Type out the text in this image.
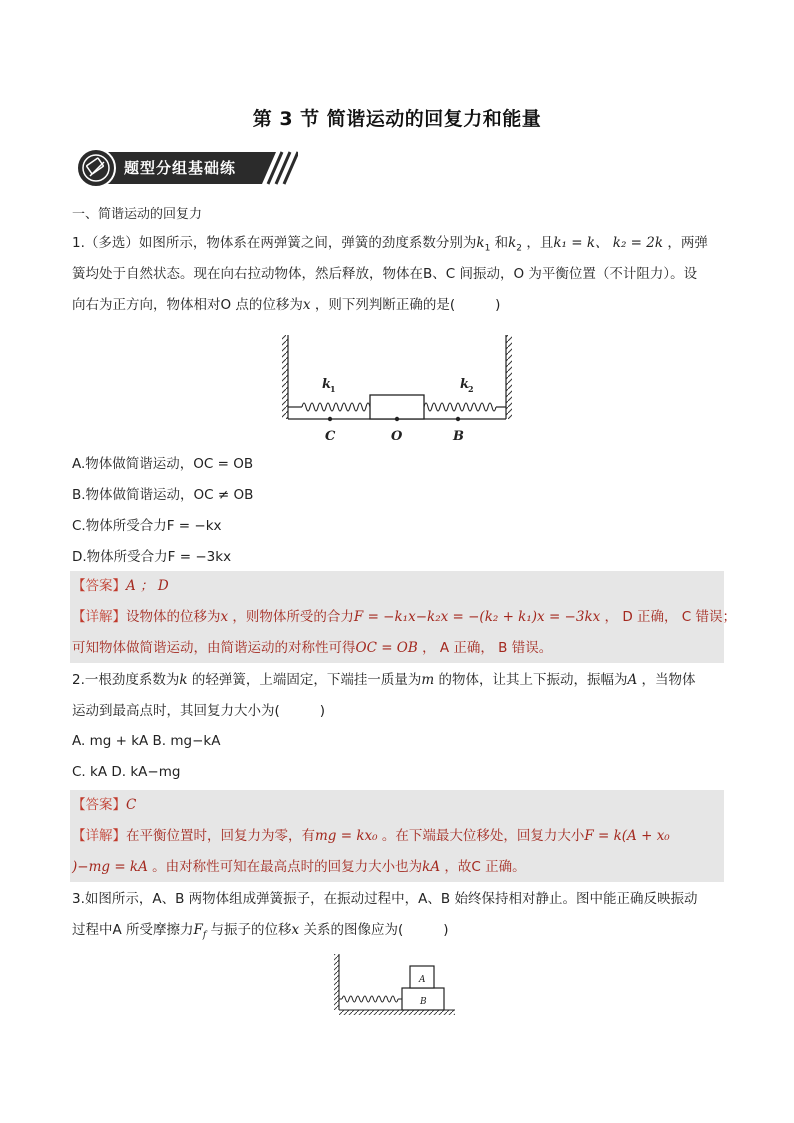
第 3 节 简谐运动的回复力和能量
题型分组基础练
一、简谐运动的回复力
1.（多选）如图所示，物体系在两弹簧之间，弹簧的劲度系数分别为$k_1$ 和$k_2$ ，且k₁ = k、 k₂ = 2k ，两弹
簧均处于自然状态。现在向右拉动物体，然后释放，物体在B、C 间振动，O 为平衡位置（不计阻力）。设
向右为正方向，物体相对O 点的位移为x ，则下列判断正确的是(	)
k
1	k
2
C	O	B
A.物体做简谐运动，OC = OB
B.物体做简谐运动，OC ≠ OB
C.物体所受合力F = −kx
D.物体所受合力F = −3kx
【答案】A ； D
【详解】设物体的位移为x ，则物体所受的合力F = −k₁x−k₂x = −(k₂ + k₁)x = −3kx ， D 正确， C 错误；
可知物体做简谐运动，由简谐运动的对称性可得OC = OB ， A 正确， B 错误。
2.一根劲度系数为k 的轻弹簧，上端固定，下端挂一质量为m 的物体，让其上下振动，振幅为A ，当物体
运动到最高点时，其回复力大小为(	)
A. mg + kA B. mg−kA
C. kA D. kA−mg
【答案】C
【详解】在平衡位置时，回复力为零，有mg = kx₀ 。在下端最大位移处，回复力大小F = k(A + x₀
)−mg = kA 。由对称性可知在最高点时的回复力大小也为kA ，故C 正确。
3.如图所示，A、B 两物体组成弹簧振子，在振动过程中，A、B 始终保持相对静止。图中能正确反映振动
过程中A 所受摩擦力$F_f$ 与振子的位移x 关系的图像应为(	)
A
B
